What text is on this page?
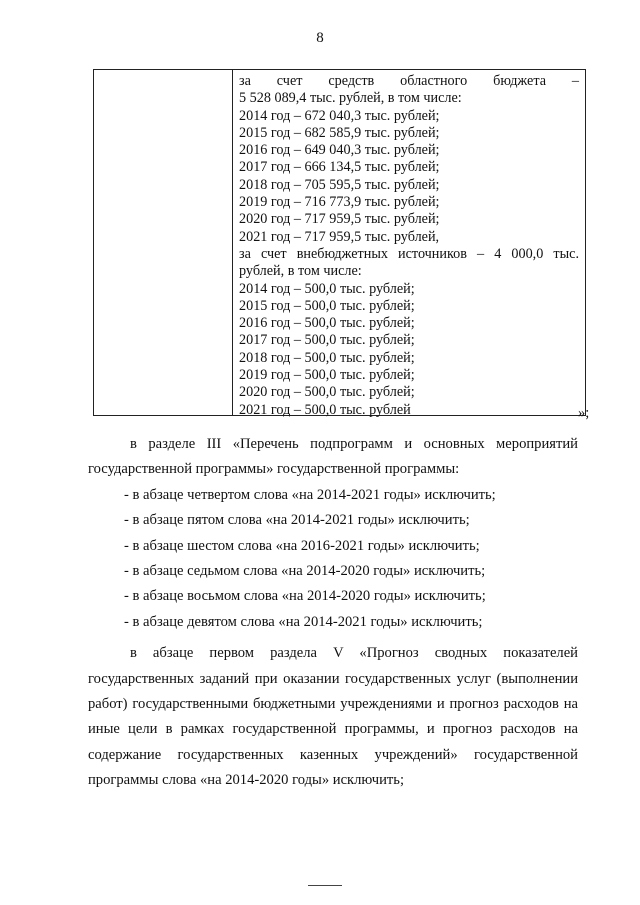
8
за счет средств областного бюджета –
5 528 089,4 тыс. рублей, в том числе:
2014 год – 672 040,3 тыс. рублей;
2015 год – 682 585,9 тыс. рублей;
2016 год – 649 040,3 тыс. рублей;
2017 год – 666 134,5 тыс. рублей;
2018 год – 705 595,5 тыс. рублей;
2019 год – 716 773,9 тыс. рублей;
2020 год – 717 959,5 тыс. рублей;
2021 год – 717 959,5 тыс. рублей,
за счет внебюджетных источников – 4 000,0 тыс.
рублей, в том числе:
2014 год – 500,0 тыс. рублей;
2015 год – 500,0 тыс. рублей;
2016 год – 500,0 тыс. рублей;
2017 год – 500,0 тыс. рублей;
2018 год – 500,0 тыс. рублей;
2019 год – 500,0 тыс. рублей;
2020 год – 500,0 тыс. рублей;
2021 год – 500,0 тыс. рублей	»;

в разделе III «Перечень подпрограмм и основных мероприятий государственной программы» государственной программы:

- в абзаце четвертом слова «на 2014-2021 годы» исключить;

- в абзаце пятом слова «на 2014-2021 годы» исключить;

- в абзаце шестом слова «на 2016-2021 годы» исключить;

- в абзаце седьмом слова «на 2014-2020 годы» исключить;

- в абзаце восьмом слова «на 2014-2020 годы» исключить;

- в абзаце девятом слова «на 2014-2021 годы» исключить;

в абзаце первом раздела V «Прогноз сводных показателей государственных заданий при оказании государственных услуг (выполнении работ) государственными бюджетными учреждениями и прогноз расходов на иные цели в рамках государственной программы, и прогноз расходов на содержание государственных казенных учреждений» государственной программы слова «на 2014-2020 годы» исключить;
